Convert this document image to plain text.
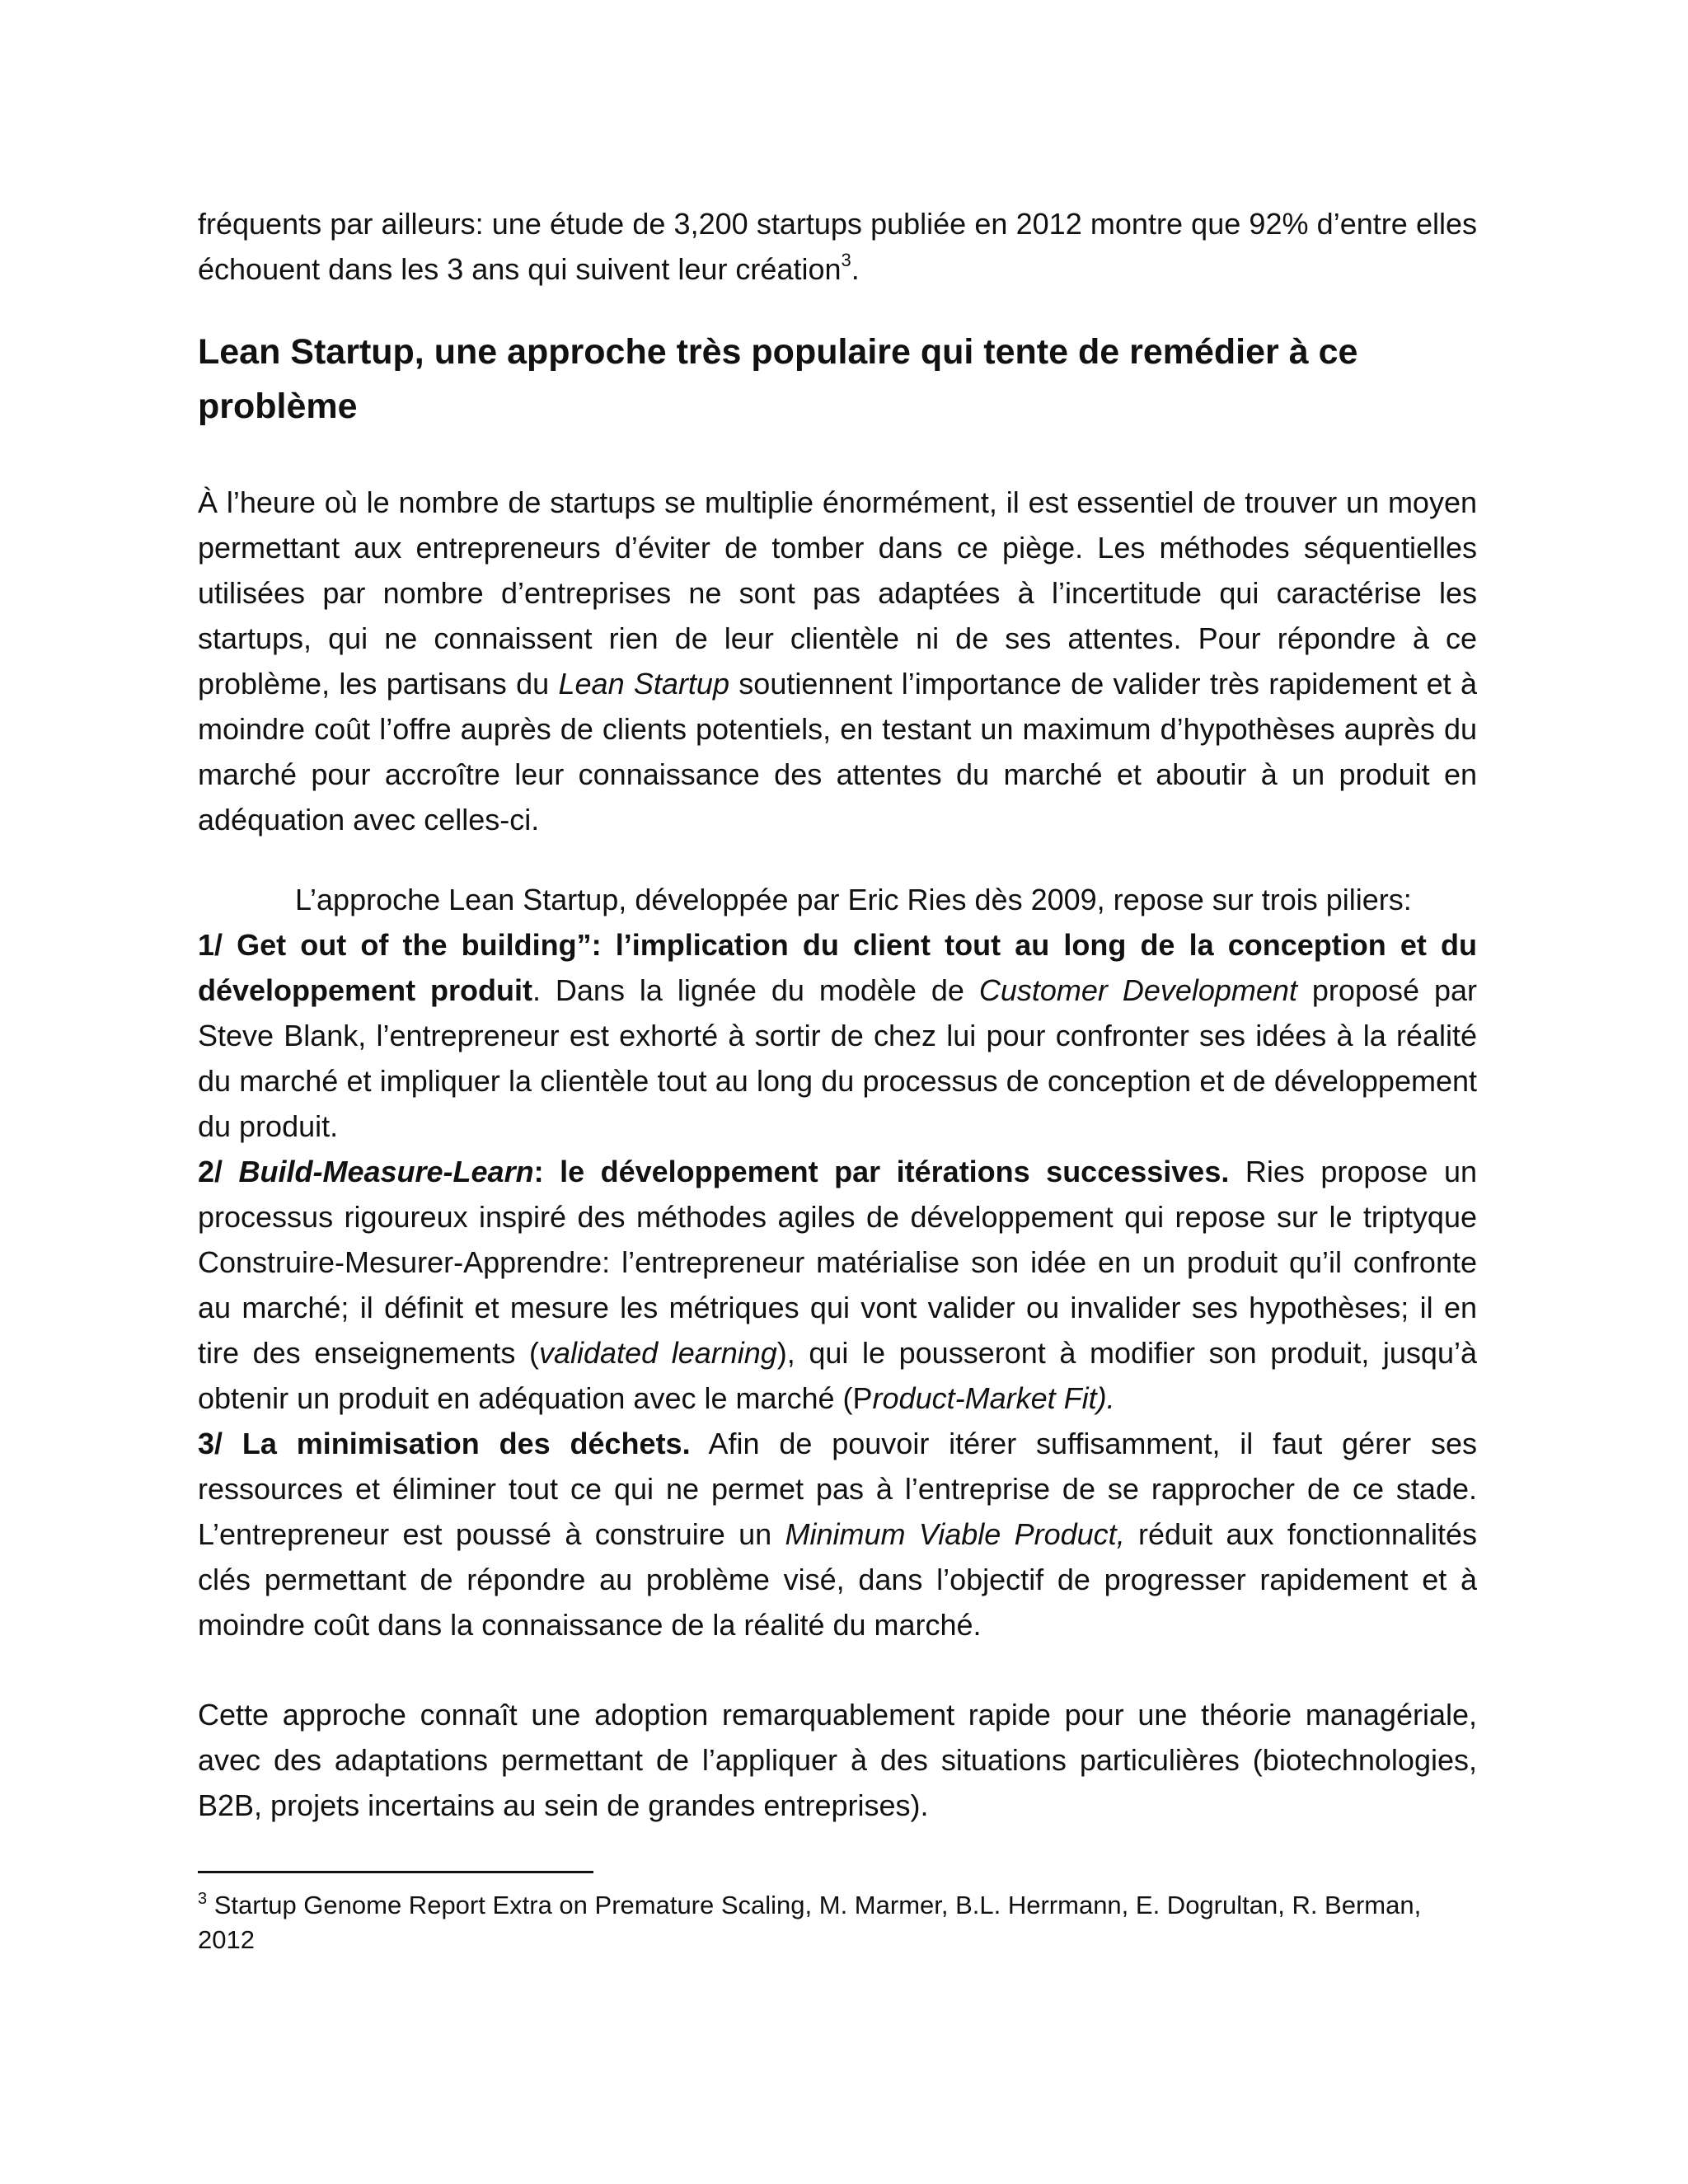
fréquents par ailleurs: une étude de 3,200 startups publiée en 2012 montre que 92% d’entre elles échouent dans les 3 ans qui suivent leur création$^3$.

Lean Startup, une approche très populaire qui tente de remédier à ce problème

À l’heure où le nombre de startups se multiplie énormément, il est essentiel de trouver un moyen permettant aux entrepreneurs d’éviter de tomber dans ce piège. Les méthodes séquentielles utilisées par nombre d’entreprises ne sont pas adaptées à l’incertitude qui caractérise les startups, qui ne connaissent rien de leur clientèle ni de ses attentes. Pour répondre à ce problème, les partisans du Lean Startup soutiennent l’importance de valider très rapidement et à moindre coût l’offre auprès de clients potentiels, en testant un maximum d’hypothèses auprès du marché pour accroître leur connaissance des attentes du marché et aboutir à un produit en adéquation avec celles-ci.

L’approche Lean Startup, développée par Eric Ries dès 2009, repose sur trois piliers:

1/ Get out of the building”: l’implication du client tout au long de la conception et du développement produit. Dans la lignée du modèle de Customer Development proposé par Steve Blank, l’entrepreneur est exhorté à sortir de chez lui pour confronter ses idées à la réalité du marché et impliquer la clientèle tout au long du processus de conception et de développement du produit.

2/ Build-Measure-Learn: le développement par itérations successives. Ries propose un processus rigoureux inspiré des méthodes agiles de développement qui repose sur le triptyque Construire-Mesurer-Apprendre: l’entrepreneur matérialise son idée en un produit qu’il confronte au marché; il définit et mesure les métriques qui vont valider ou invalider ses hypothèses; il en tire des enseignements (validated learning), qui le pousseront à modifier son produit, jusqu’à obtenir un produit en adéquation avec le marché (Product-Market Fit).

3/ La minimisation des déchets. Afin de pouvoir itérer suffisamment, il faut gérer ses ressources et éliminer tout ce qui ne permet pas à l’entreprise de se rapprocher de ce stade. L’entrepreneur est poussé à construire un Minimum Viable Product, réduit aux fonctionnalités clés permettant de répondre au problème visé, dans l’objectif de progresser rapidement et à moindre coût dans la connaissance de la réalité du marché.

Cette approche connaît une adoption remarquablement rapide pour une théorie managériale, avec des adaptations permettant de l’appliquer à des situations particulières (biotechnologies, B2B, projets incertains au sein de grandes entreprises).

$^3$ Startup Genome Report Extra on Premature Scaling, M. Marmer, B.L. Herrmann, E. Dogrultan, R. Berman, 2012
